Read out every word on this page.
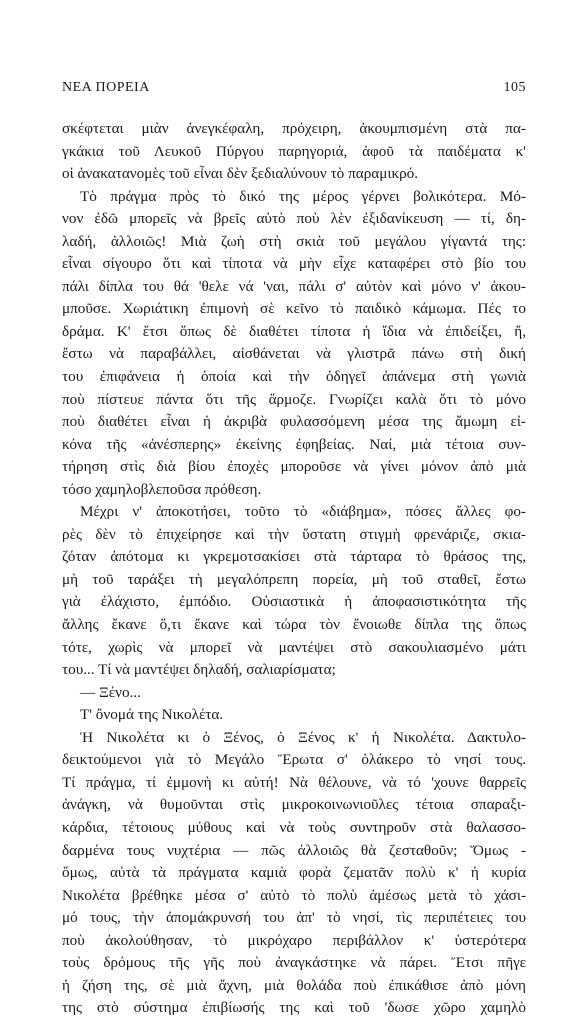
ΝΕΑ ΠΟΡΕΙΑ	105
σκέφτεται μιὰν ἀνεγκέφαλη, πρόχειρη, ἀκουμπισμένη στὰ πα-
γκάκια τοῦ Λευκοῦ Πύργου παρηγοριά, ἀφοῦ τὰ παιδέματα κ'
οἱ ἀνακατανομὲς τοῦ εἶναι δὲν ξεδιαλύνουν τὸ παραμικρό.
Τὸ πράγμα πρὸς τὸ δικό της μέρος γέρνει βολικότερα. Μό-
νον ἐδῶ μπορεῖς νὰ βρεῖς αὐτὸ ποὺ λὲν ἐξιδανίκευση — τί, δη-
λαδή, ἀλλοιῶς! Μιὰ ζωὴ στὴ σκιὰ τοῦ μεγάλου γίγαντά της:
εἶναι σίγουρο ὅτι καὶ τίποτα νὰ μὴν εἶχε καταφέρει στὸ βίο του
πάλι δίπλα του θά 'θελε νά 'ναι, πάλι σ' αὐτὸν καὶ μόνο ν' ἀκου-
μποῦσε. Χωριάτικη ἐπιμονὴ σὲ κεῖνο τὸ παιδικὸ κάμωμα. Πές το
δράμα. Κ' ἔτσι ὅπως δὲ διαθέτει τίποτα ἡ ἴδια νὰ ἐπιδείξει, ἤ,
ἔστω νὰ παραβάλλει, αἰσθάνεται νὰ γλιστρᾶ πάνω στὴ δική
του ἐπιφάνεια ἡ ὁποία καὶ τὴν ὁδηγεῖ ἀπάνεμα στὴ γωνιὰ
ποὺ πίστευε πάντα ὅτι τῆς ἅρμοζε. Γνωρίζει καλὰ ὅτι τὸ μόνο
ποὺ διαθέτει εἶναι ἡ ἀκριβὰ φυλασσόμενη μέσα της ἄμωμη εἰ-
κόνα τῆς «ἀνέσπερης» ἐκείνης ἐφηβείας. Ναί, μιὰ τέτοια συν-
τήρηση στὶς διὰ βίου ἐποχὲς μποροῦσε νὰ γίνει μόνον ἀπὸ μιὰ
τόσο χαμηλοβλεποῦσα πρόθεση.
Μέχρι ν' ἀποκοτήσει, τοῦτο τὸ «διάβημα», πόσες ἄλλες φο-
ρὲς δὲν τὸ ἐπιχείρησε καὶ τὴν ὕστατη στιγμὴ φρενάριζε, σκια-
ζόταν ἀπότομα κι γκρεμοτσακίσει στὰ τάρταρα τὸ θράσος της,
μὴ τοῦ ταράξει τὴ μεγαλόπρεπη πορεία, μὴ τοῦ σταθεῖ, ἔστω
γιὰ ἐλάχιστο, ἐμπόδιο. Οὐσιαστικὰ ἡ ἀποφασιστικότητα τῆς
ἄλλης ἔκανε ὅ,τι ἔκανε καὶ τώρα τὸν ἔνοιωθε δίπλα της ὅπως
τότε, χωρὶς νὰ μπορεῖ νὰ μαντέψει στὸ σακουλιασμένο μάτι
του... Τί νὰ μαντέψει δηλαδή, σαλιαρίσματα;
— Ξένο...
Τ' ὄνομά της Νικολέτα.
Ἡ Νικολέτα κι ὁ Ξένος, ὁ Ξένος κ' ἡ Νικολέτα. Δακτυλο-
δεικτούμενοι γιὰ τὸ Μεγάλο Ἔρωτα σ' ὁλάκερο τὸ νησί τους.
Τί πράγμα, τί ἐμμονὴ κι αὐτή! Νὰ θέλουνε, νὰ τό 'χουνε θαρρεῖς
ἀνάγκη, νὰ θυμοῦνται στὶς μικροκοινωνιοῦλες τέτοια σπαραξι-
κάρδια, τέτοιους μύθους καὶ νὰ τοὺς συντηροῦν στὰ θαλασσο-
δαρμένα τους νυχτέρια — πῶς ἀλλοιῶς θὰ ζεσταθοῦν; Ὅμως -
ὅμως, αὐτὰ τὰ πράγματα καμιὰ φορὰ ζεματᾶν πολὺ κ' ἡ κυρία
Νικολέτα βρέθηκε μέσα σ' αὐτὸ τὸ πολὺ ἀμέσως μετὰ τὸ χάσι-
μό τους, τὴν ἀπομάκρυνσή του ἀπ' τὸ νησί, τὶς περιπέτειες του
ποὺ ἀκολούθησαν, τὸ μικρόχαρο περιβάλλον κ' ὑστερότερα
τοὺς δρόμους τῆς γῆς ποὺ ἀναγκάστηκε νὰ πάρει. Ἔτσι πῆγε
ἡ ζήση της, σὲ μιὰ ἄχνη, μιὰ θολάδα ποὺ ἐπικάθισε ἀπὸ μόνη
της στὸ σύστημα ἐπιβίωσής της καὶ τοῦ 'δωσε χῶρο χαμηλὸ
